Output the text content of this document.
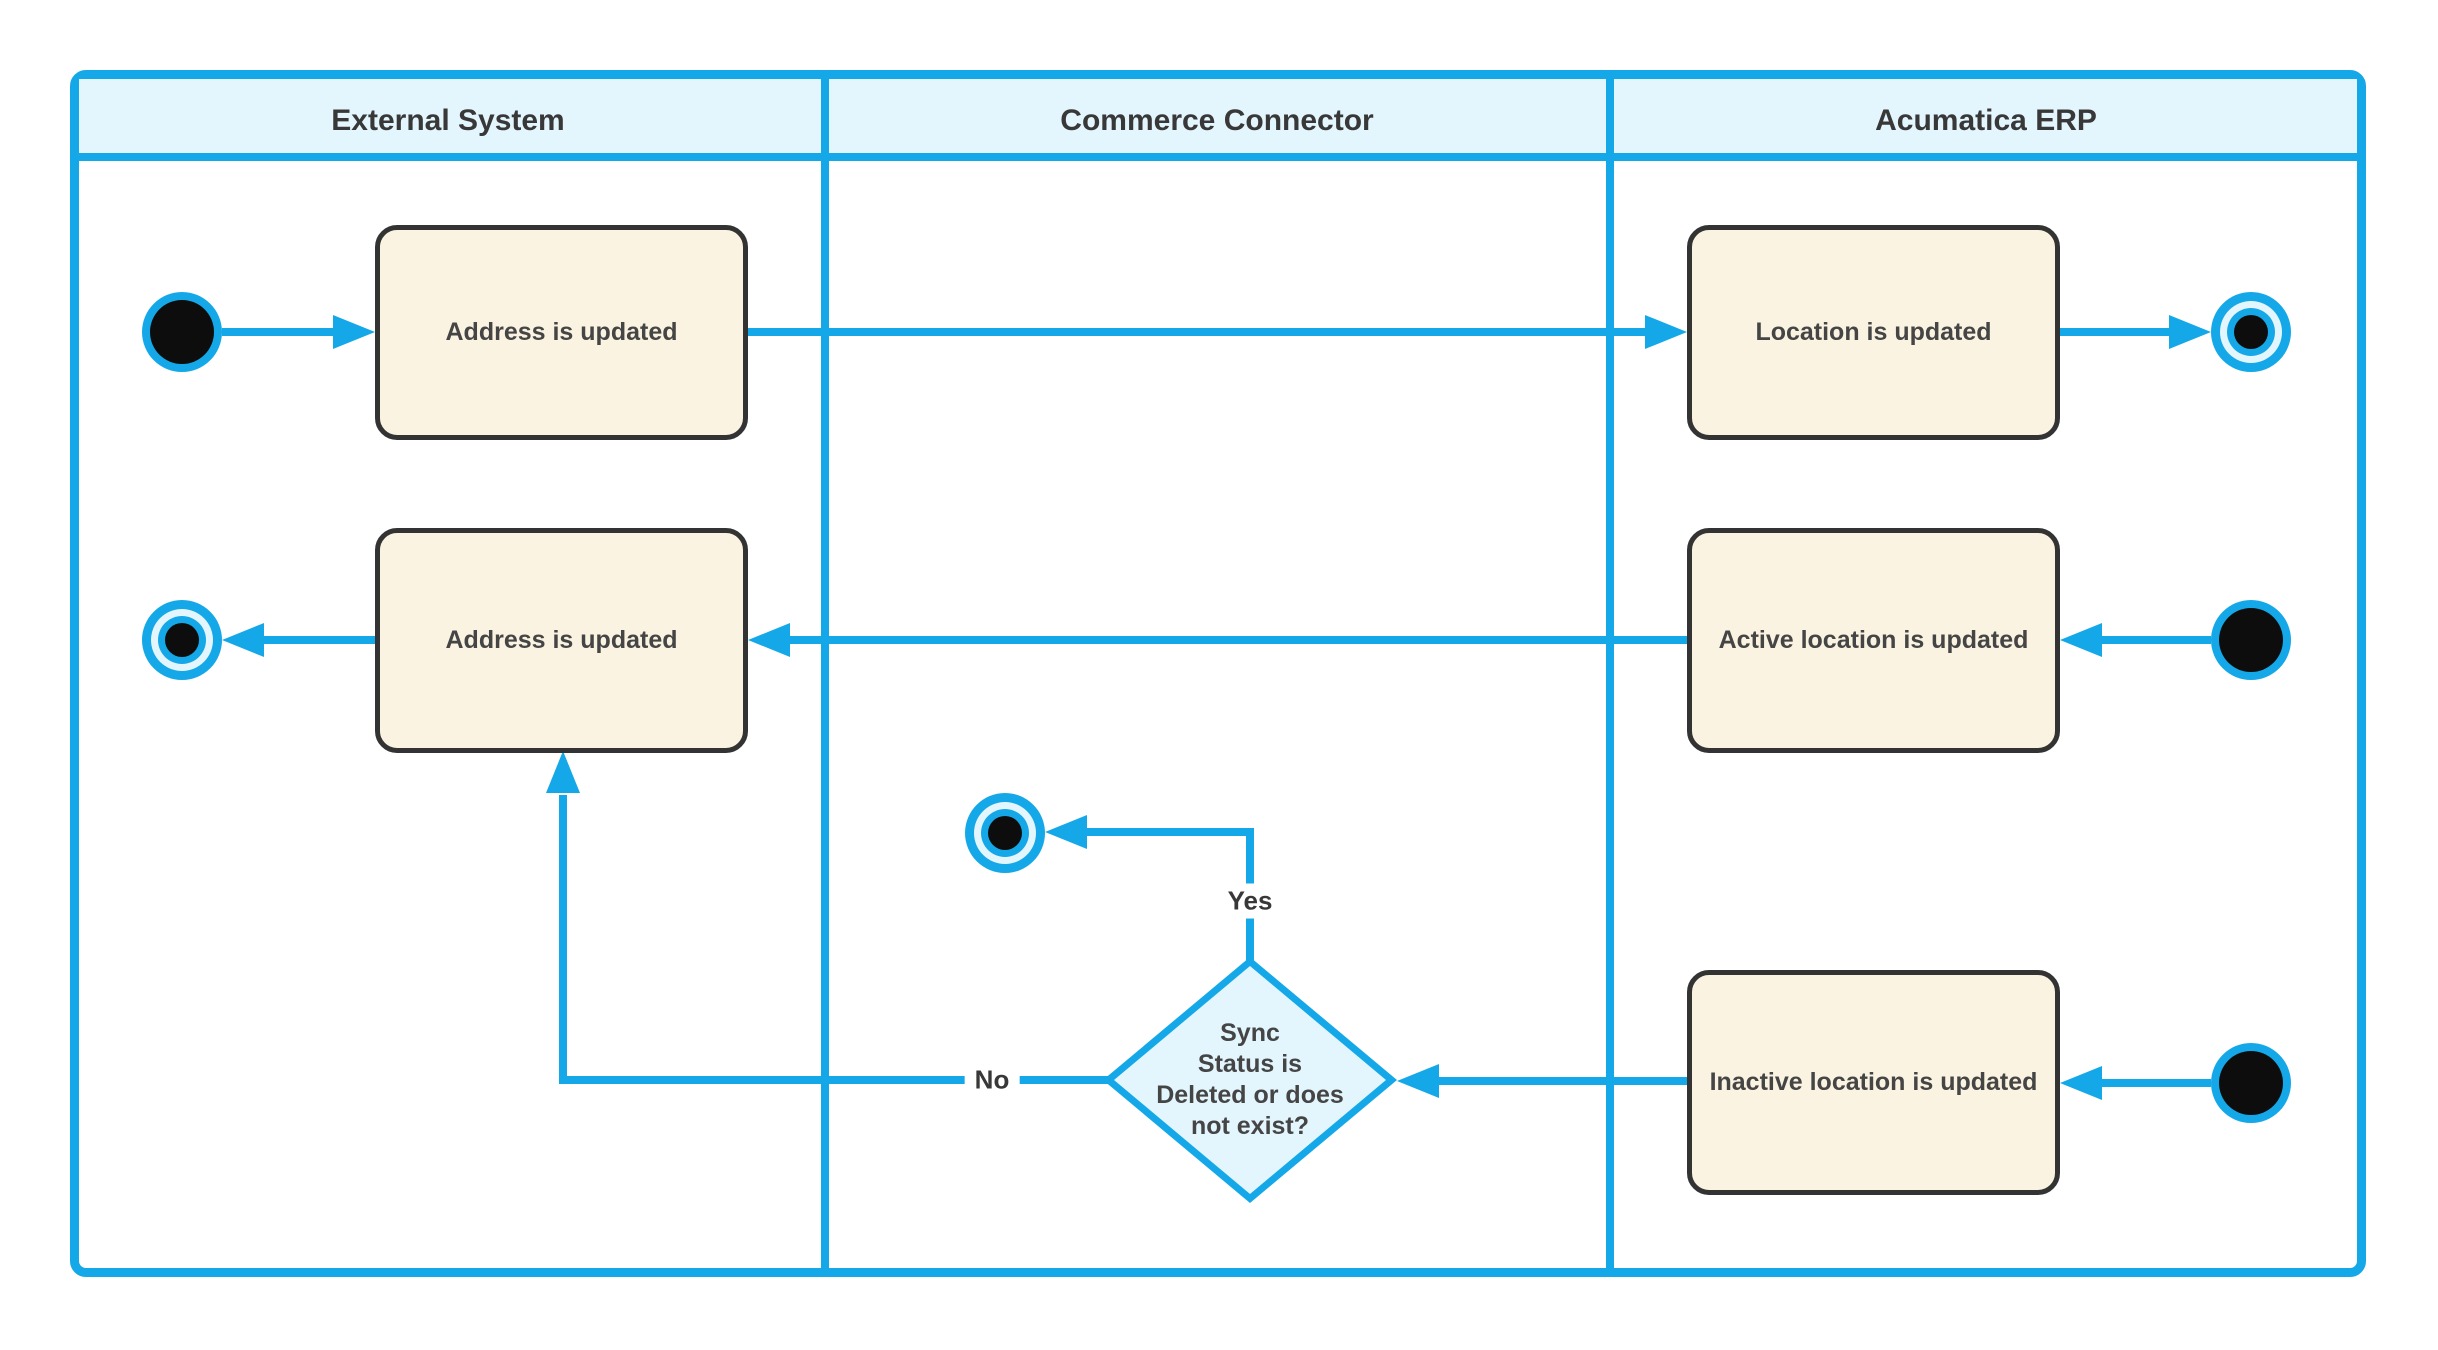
External System	Commerce Connector	Acumatica ERP
Address is updated	Location is updated
Address is updated	Active location is updated
Inactive location is updated
Sync
Status is
Deleted or does
not exist?
Yes
No
